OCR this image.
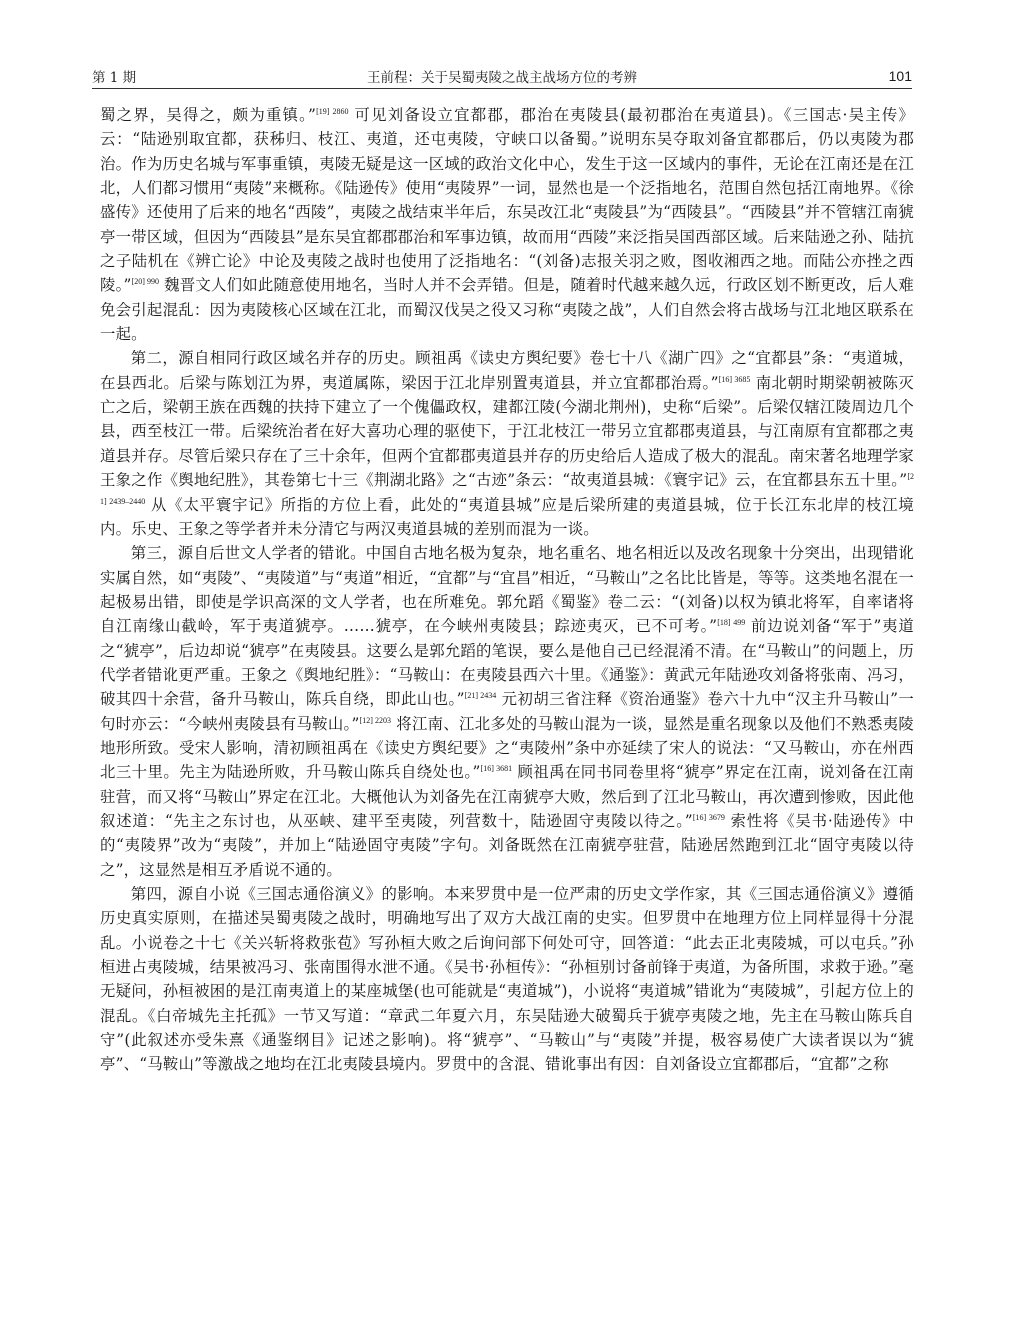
第 1 期	王前程：关于吴蜀夷陵之战主战场方位的考辨	101

蜀之界，吴得之，颇为重镇。”$^{[19] 2860}$ 可见刘备设立宜都郡，郡治在夷陵县(最初郡治在夷道县)。《三国志·吴主传》云：“陆逊别取宜都，获秭归、枝江、夷道，还屯夷陵，守峡口以备蜀。”说明东吴夺取刘备宜都郡后，仍以夷陵为郡治。作为历史名城与军事重镇，夷陵无疑是这一区域的政治文化中心，发生于这一区域内的事件，无论在江南还是在江北，人们都习惯用“夷陵”来概称。《陆逊传》使用“夷陵界”一词，显然也是一个泛指地名，范围自然包括江南地界。《徐盛传》还使用了后来的地名“西陵”，夷陵之战结束半年后，东吴改江北“夷陵县”为“西陵县”。“西陵县”并不管辖江南猇亭一带区域，但因为“西陵县”是东吴宜都郡郡治和军事边镇，故而用“西陵”来泛指吴国西部区域。后来陆逊之孙、陆抗之子陆机在《辨亡论》中论及夷陵之战时也使用了泛指地名：“(刘备)志报关羽之败，图收湘西之地。而陆公亦挫之西陵。”$^{[20] 990}$ 魏晋文人们如此随意使用地名，当时人并不会弄错。但是，随着时代越来越久远，行政区划不断更改，后人难免会引起混乱：因为夷陵核心区域在江北，而蜀汉伐吴之役又习称“夷陵之战”，人们自然会将古战场与江北地区联系在一起。

第二，源自相同行政区域名并存的历史。顾祖禹《读史方舆纪要》卷七十八《湖广四》之“宜都县”条：“夷道城，在县西北。后梁与陈划江为界，夷道属陈，梁因于江北岸别置夷道县，并立宜都郡治焉。”$^{[16] 3685}$ 南北朝时期梁朝被陈灭亡之后，梁朝王族在西魏的扶持下建立了一个傀儡政权，建都江陵(今湖北荆州)，史称“后梁”。后梁仅辖江陵周边几个县，西至枝江一带。后梁统治者在好大喜功心理的驱使下，于江北枝江一带另立宜都郡夷道县，与江南原有宜都郡之夷道县并存。尽管后梁只存在了三十余年，但两个宜都郡夷道县并存的历史给后人造成了极大的混乱。南宋著名地理学家王象之作《舆地纪胜》，其卷第七十三《荆湖北路》之“古迹”条云：“故夷道县城：《寰宇记》云，在宜都县东五十里。”$^{[21] 2439-2440}$ 从《太平寰宇记》所指的方位上看，此处的“夷道县城”应是后梁所建的夷道县城，位于长江东北岸的枝江境内。乐史、王象之等学者并未分清它与两汉夷道县城的差别而混为一谈。

第三，源自后世文人学者的错讹。中国自古地名极为复杂，地名重名、地名相近以及改名现象十分突出，出现错讹实属自然，如“夷陵”、“夷陵道”与“夷道”相近，“宜都”与“宜昌”相近，“马鞍山”之名比比皆是，等等。这类地名混在一起极易出错，即使是学识高深的文人学者，也在所难免。郭允蹈《蜀鉴》卷二云：“(刘备)以权为镇北将军，自率诸将自江南缘山截岭，军于夷道猇亭。……猇亭，在今峡州夷陵县；踪迹夷灭，已不可考。”$^{[18] 499}$ 前边说刘备“军于”夷道之“猇亭”，后边却说“猇亭”在夷陵县。这要么是郭允蹈的笔误，要么是他自己已经混淆不清。在“马鞍山”的问题上，历代学者错讹更严重。王象之《舆地纪胜》：“马鞍山：在夷陵县西六十里。《通鉴》：黄武元年陆逊攻刘备将张南、冯习，破其四十余营，备升马鞍山，陈兵自绕，即此山也。”$^{[21] 2434}$ 元初胡三省注释《资治通鉴》卷六十九中“汉主升马鞍山”一句时亦云：“今峡州夷陵县有马鞍山。”$^{[12] 2203}$ 将江南、江北多处的马鞍山混为一谈，显然是重名现象以及他们不熟悉夷陵地形所致。受宋人影响，清初顾祖禹在《读史方舆纪要》之“夷陵州”条中亦延续了宋人的说法：“又马鞍山，亦在州西北三十里。先主为陆逊所败，升马鞍山陈兵自绕处也。”$^{[16] 3681}$ 顾祖禹在同书同卷里将“猇亭”界定在江南，说刘备在江南驻营，而又将“马鞍山”界定在江北。大概他认为刘备先在江南猇亭大败，然后到了江北马鞍山，再次遭到惨败，因此他叙述道：“先主之东讨也，从巫峡、建平至夷陵，列营数十，陆逊固守夷陵以待之。”$^{[16] 3679}$ 索性将《吴书·陆逊传》中的“夷陵界”改为“夷陵”，并加上“陆逊固守夷陵”字句。刘备既然在江南猇亭驻营，陆逊居然跑到江北“固守夷陵以待之”，这显然是相互矛盾说不通的。

第四，源自小说《三国志通俗演义》的影响。本来罗贯中是一位严肃的历史文学作家，其《三国志通俗演义》遵循历史真实原则，在描述吴蜀夷陵之战时，明确地写出了双方大战江南的史实。但罗贯中在地理方位上同样显得十分混乱。小说卷之十七《关兴斩将救张苞》写孙桓大败之后询问部下何处可守，回答道：“此去正北夷陵城，可以屯兵。”孙桓进占夷陵城，结果被冯习、张南围得水泄不通。《吴书·孙桓传》：“孙桓别讨备前锋于夷道，为备所围，求救于逊。”毫无疑问，孙桓被困的是江南夷道上的某座城堡(也可能就是“夷道城”)，小说将“夷道城”错讹为“夷陵城”，引起方位上的混乱。《白帝城先主托孤》一节又写道：“章武二年夏六月，东吴陆逊大破蜀兵于猇亭夷陵之地，先主在马鞍山陈兵自守”(此叙述亦受朱熹《通鉴纲目》记述之影响)。将“猇亭”、“马鞍山”与“夷陵”并提，极容易使广大读者误以为“猇亭”、“马鞍山”等激战之地均在江北夷陵县境内。罗贯中的含混、错讹事出有因：自刘备设立宜都郡后，“宜都”之称
